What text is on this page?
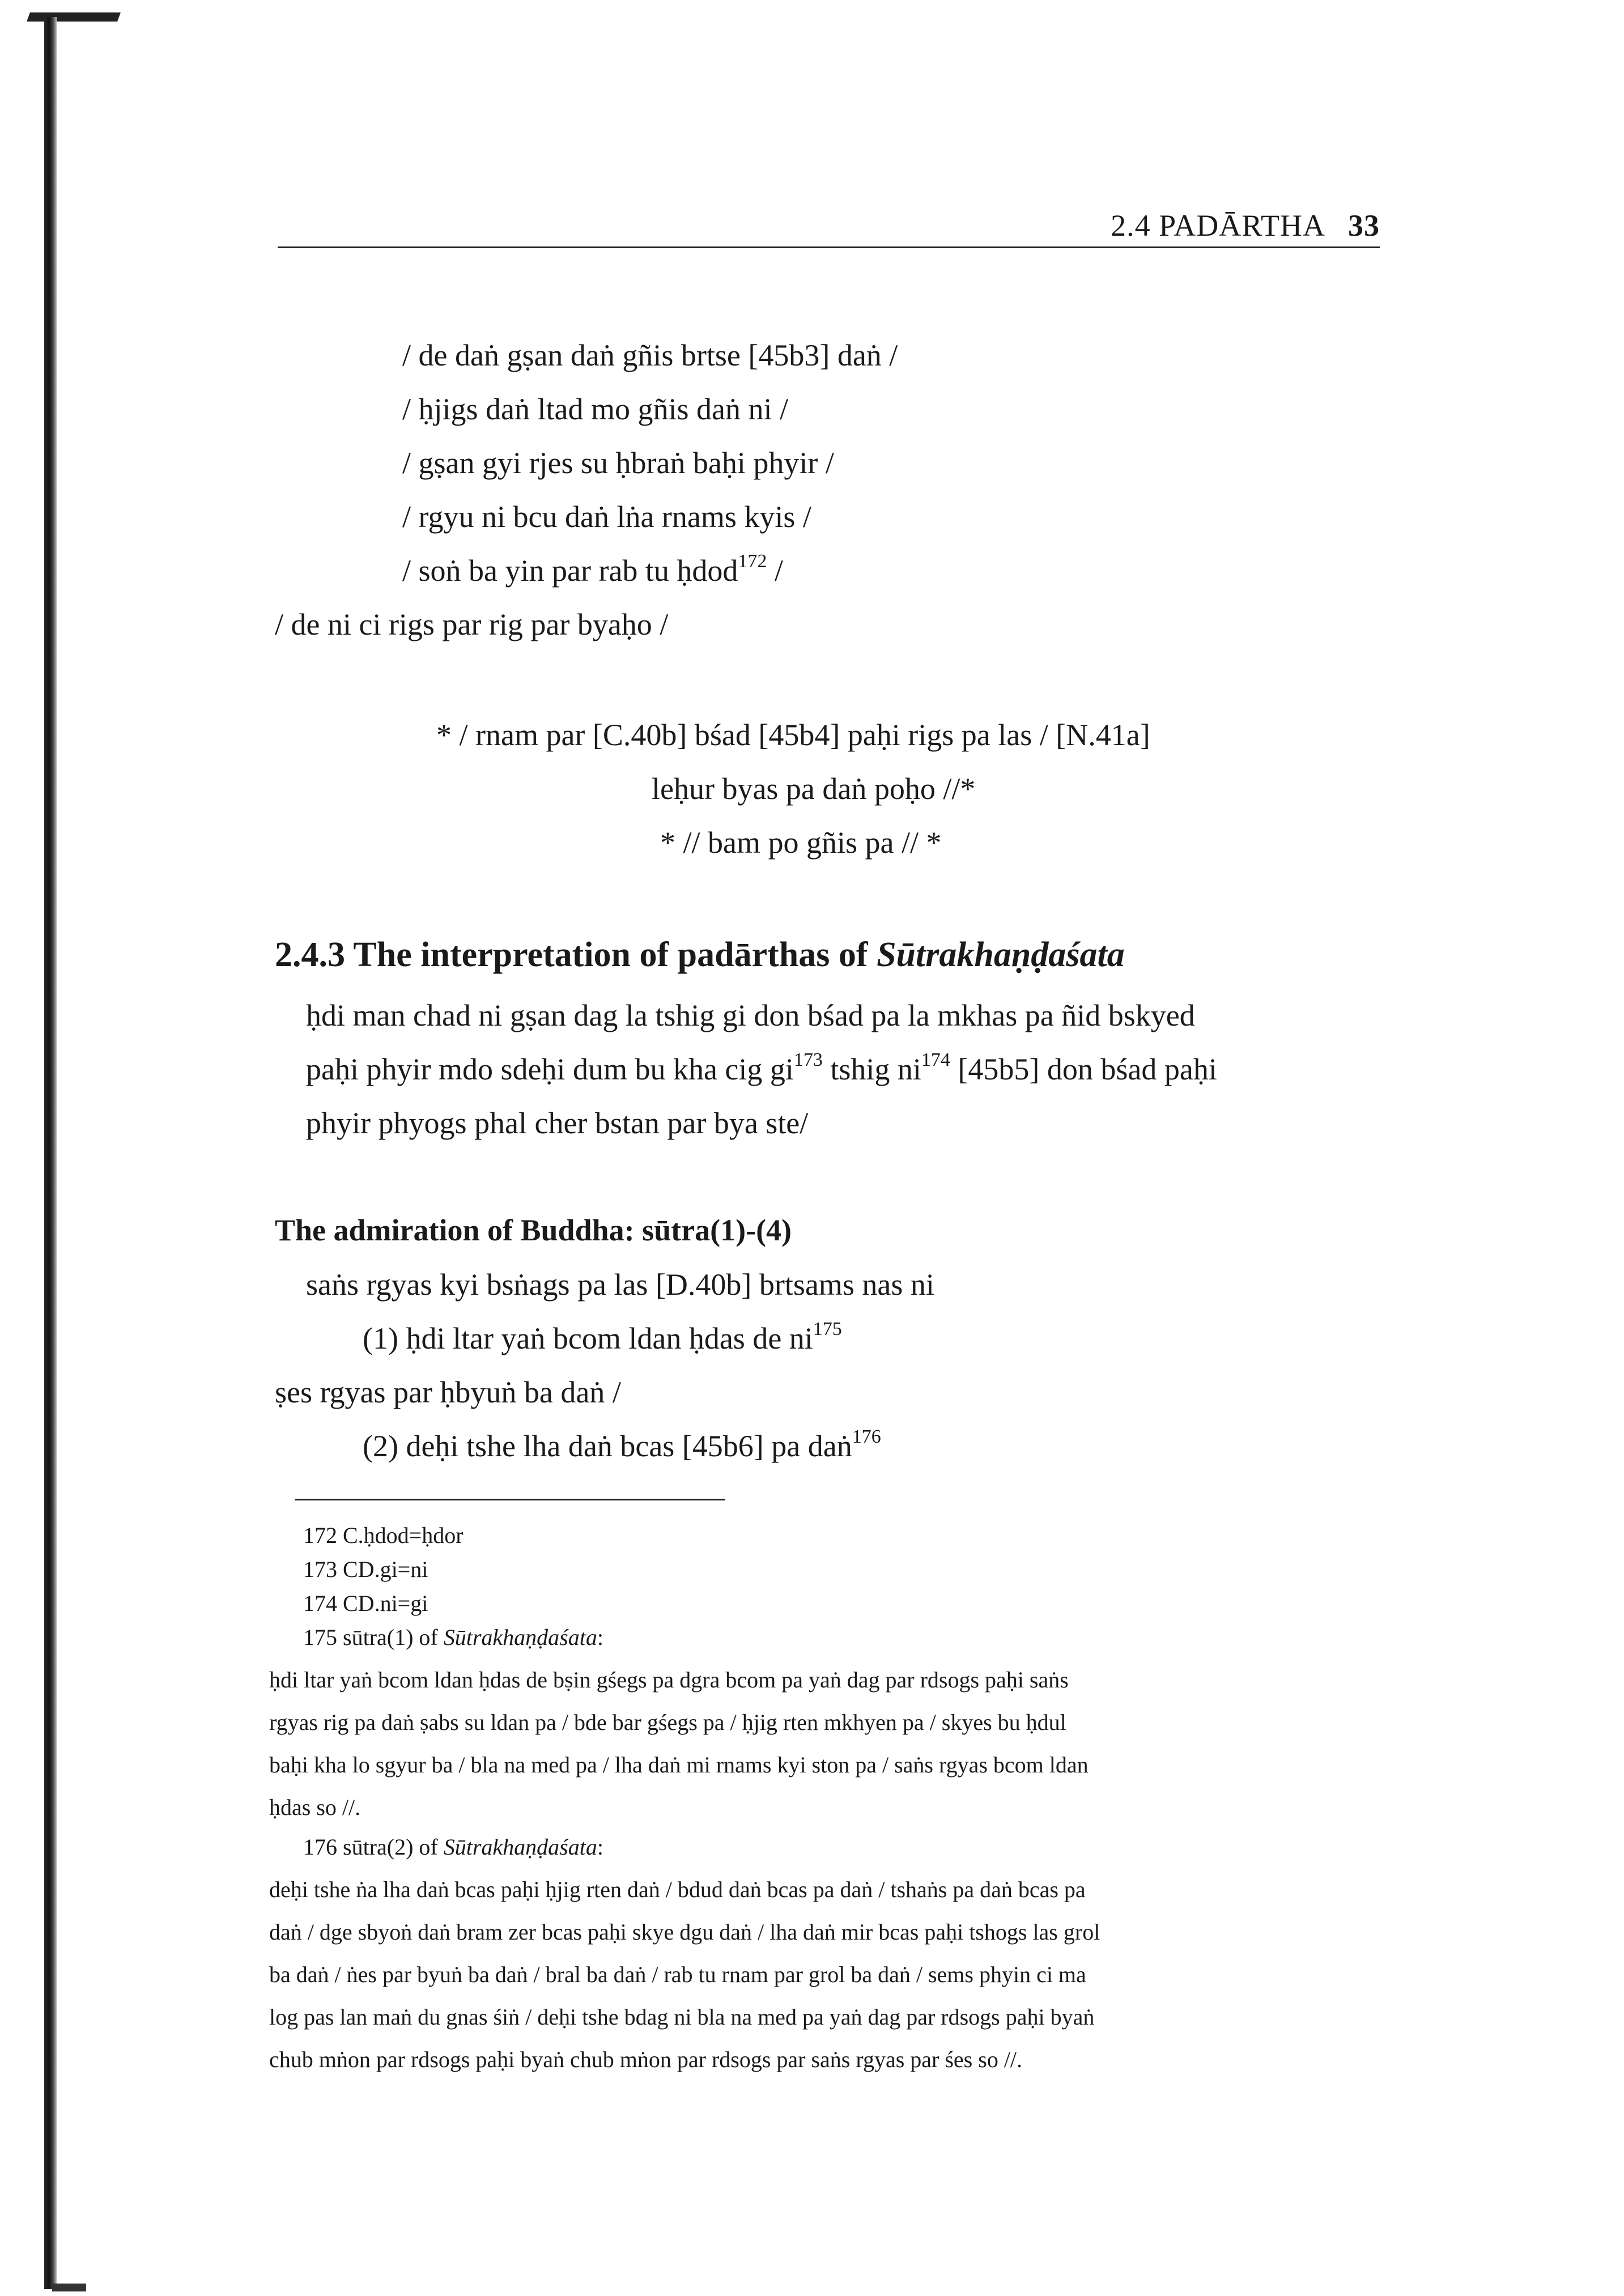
2.4 PADĀRTHA 33
/ de daṅ gṣan daṅ gñis brtse [45b3] daṅ /
/ ḥjigs daṅ ltad mo gñis daṅ ni /
/ gṣan gyi rjes su ḥbraṅ baḥi phyir /
/ rgyu ni bcu daṅ lṅa rnams kyis /
/ soṅ ba yin par rab tu ḥdod$^{172}$ /
/ de ni ci rigs par rig par byaḥo /
* / rnam par [C.40b] bśad [45b4] paḥi rigs pa las / [N.41a]
leḥur byas pa daṅ poḥo //*
* // bam po gñis pa // *
2.4.3 The interpretation of padārthas of Sūtrakhaṇḍaśata
ḥdi man chad ni gṣan dag la tshig gi don bśad pa la mkhas pa ñid bskyed
paḥi phyir mdo sdeḥi dum bu kha cig $gi^{173}$ tshig $ni^{174}$ [45b5] don bśad paḥi
phyir phyogs phal cher bstan par bya ste/
The admiration of Buddha: sūtra(1)-(4)
saṅs rgyas kyi bsṅags pa las [D.40b] brtsams nas ni
(1) ḥdi ltar yaṅ bcom ldan ḥdas de $ni^{175}$
ṣes rgyas par ḥbyuṅ ba daṅ /
(2) deḥi tshe lha daṅ bcas [45b6] pa daṅ$^{176}$
172 C.ḥdod=ḥdor
173 CD.gi=ni
174 CD.ni=gi
175 sūtra(1) of Sūtrakhaṇḍaśata:
ḥdi ltar yaṅ bcom ldan ḥdas de bṣin gśegs pa dgra bcom pa yaṅ dag par rdsogs paḥi saṅs
rgyas rig pa daṅ ṣabs su ldan pa / bde bar gśegs pa / ḥjig rten mkhyen pa / skyes bu ḥdul
baḥi kha lo sgyur ba / bla na med pa / lha daṅ mi rnams kyi ston pa / saṅs rgyas bcom ldan
ḥdas so //.
176 sūtra(2) of Sūtrakhaṇḍaśata:
deḥi tshe ṅa lha daṅ bcas paḥi ḥjig rten daṅ / bdud daṅ bcas pa daṅ / tshaṅs pa daṅ bcas pa
daṅ / dge sbyoṅ daṅ bram zer bcas paḥi skye dgu daṅ / lha daṅ mir bcas paḥi tshogs las grol
ba daṅ / ṅes par byuṅ ba daṅ / bral ba daṅ / rab tu rnam par grol ba daṅ / sems phyin ci ma
log pas lan maṅ du gnas śiṅ / deḥi tshe bdag ni bla na med pa yaṅ dag par rdsogs paḥi byaṅ
chub mṅon par rdsogs paḥi byaṅ chub mṅon par rdsogs par saṅs rgyas par śes so //.
